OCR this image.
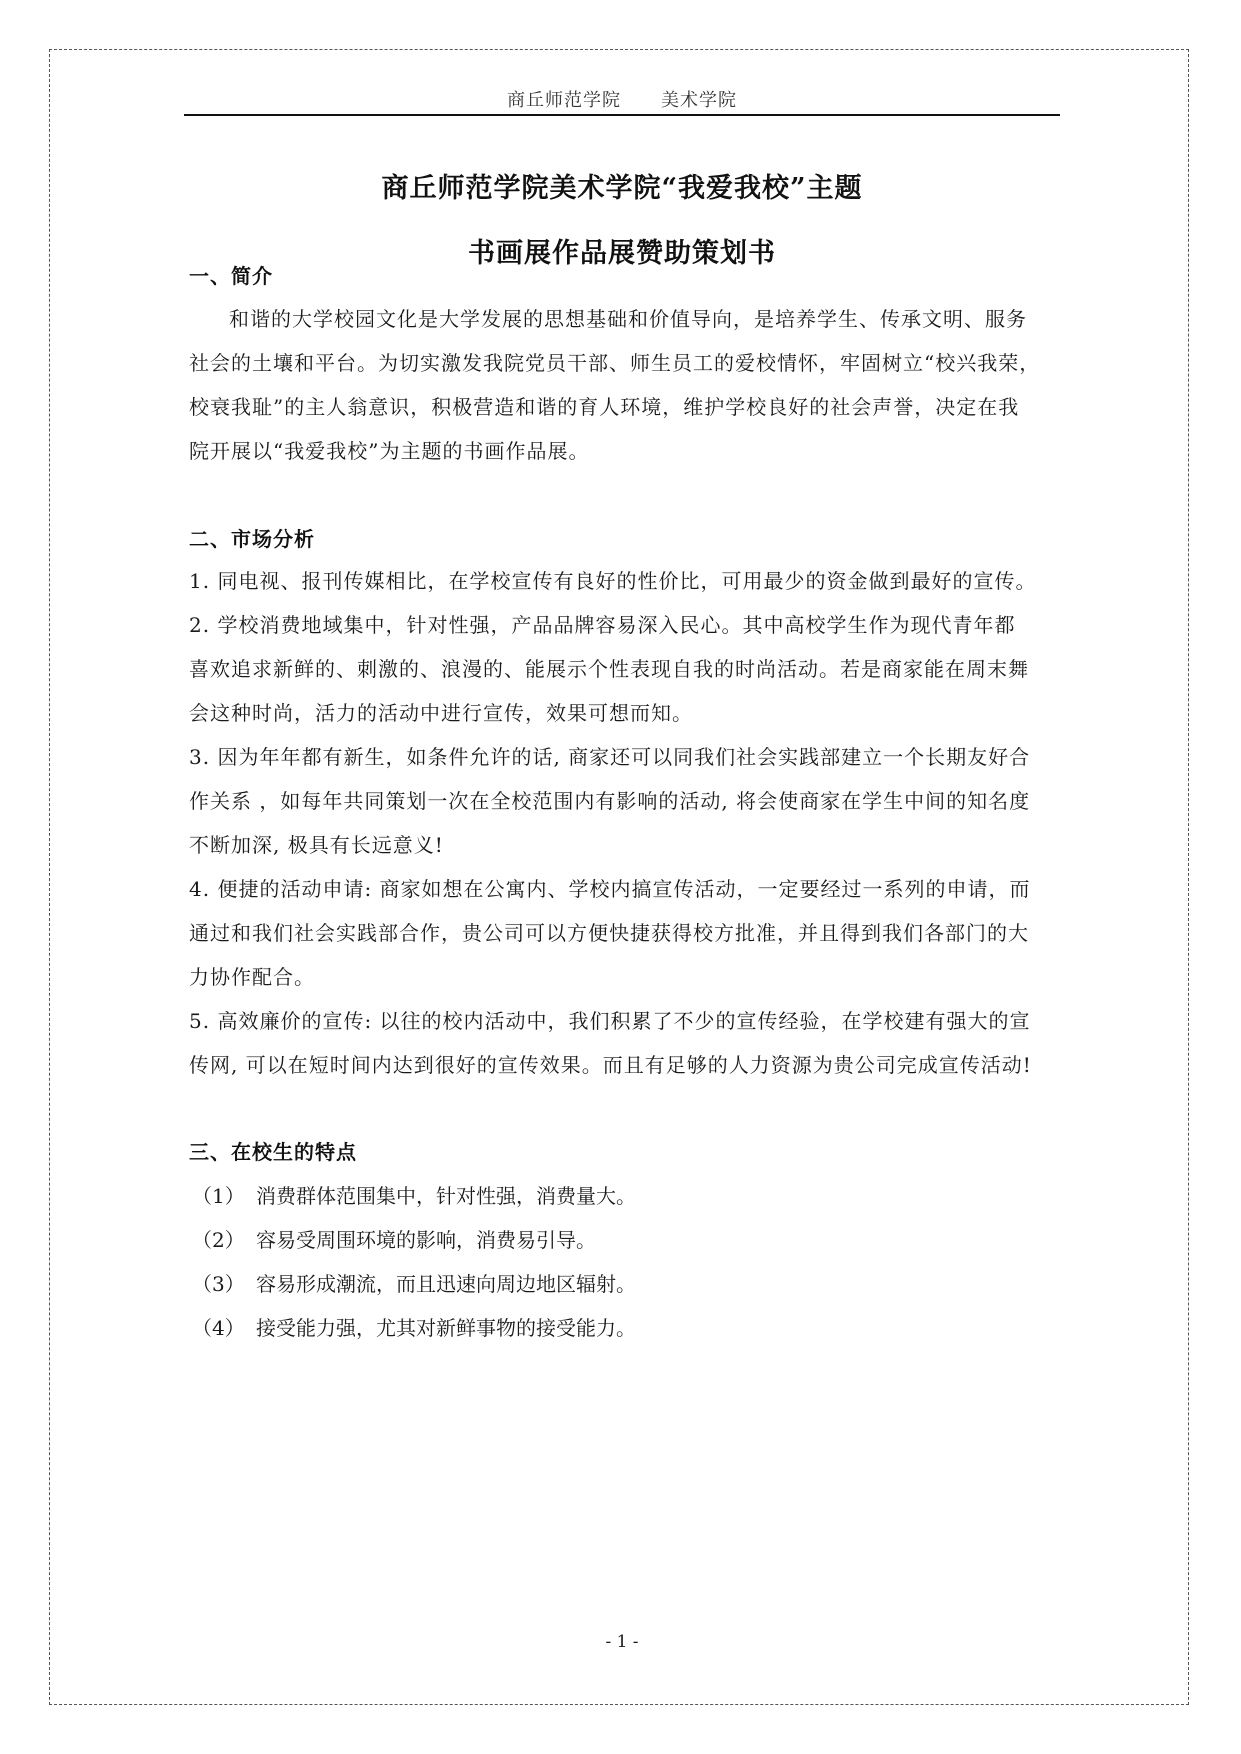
商丘师范学院 美术学院
商丘师范学院美术学院“我爱我校”主题
书画展作品展赞助策划书
一、简介
和谐的大学校园文化是大学发展的思想基础和价值导向，是培养学生、传承文明、服务
社会的土壤和平台。为切实激发我院党员干部、师生员工的爱校情怀，牢固树立“校兴我荣，
校衰我耻”的主人翁意识，积极营造和谐的育人环境，维护学校良好的社会声誉，决定在我
院开展以“我爱我校”为主题的书画作品展。
二、市场分析
1. 同电视、报刊传媒相比，在学校宣传有良好的性价比，可用最少的资金做到最好的宣传。
2. 学校消费地域集中，针对性强，产品品牌容易深入民心。其中高校学生作为现代青年都
喜欢追求新鲜的、刺激的、浪漫的、能展示个性表现自我的时尚活动。若是商家能在周末舞
会这种时尚，活力的活动中进行宣传，效果可想而知。
3. 因为年年都有新生，如条件允许的话, 商家还可以同我们社会实践部建立一个长期友好合
作关系 ，如每年共同策划一次在全校范围内有影响的活动, 将会使商家在学生中间的知名度
不断加深, 极具有长远意义!
4. 便捷的活动申请: 商家如想在公寓内、学校内搞宣传活动，一定要经过一系列的申请，而
通过和我们社会实践部合作，贵公司可以方便快捷获得校方批准，并且得到我们各部门的大
力协作配合。
5. 高效廉价的宣传: 以往的校内活动中，我们积累了不少的宣传经验，在学校建有强大的宣
传网, 可以在短时间内达到很好的宣传效果。而且有足够的人力资源为贵公司完成宣传活动!
三、在校生的特点
（1） 消费群体范围集中，针对性强，消费量大。
（2） 容易受周围环境的影响，消费易引导。
（3） 容易形成潮流，而且迅速向周边地区辐射。
（4） 接受能力强，尤其对新鲜事物的接受能力。
- 1 -
